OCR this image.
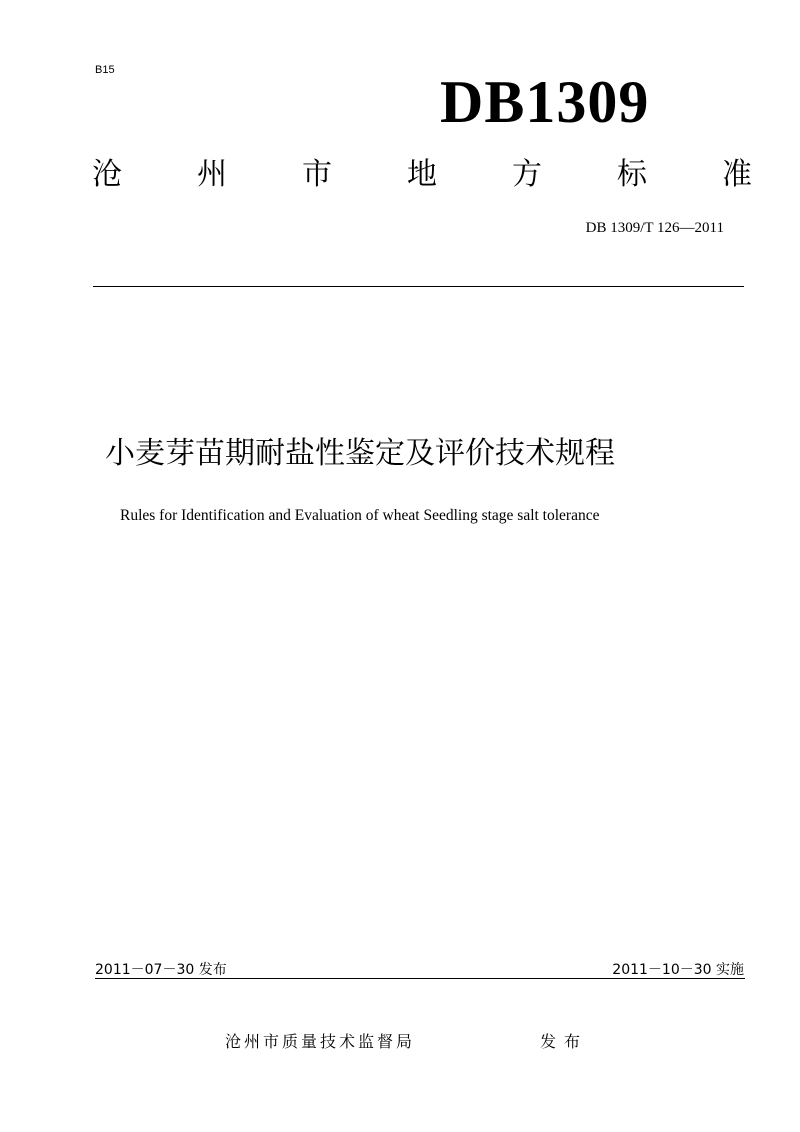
B15	DB1309
沧	州	市	地	方	标	准
DB 1309/T 126—2011
小麦芽苗期耐盐性鉴定及评价技术规程
Rules for Identification and Evaluation of wheat Seedling stage salt tolerance
2011－07－30 发布	2011－10－30 实施
沧州市质量技术监督局	发布
